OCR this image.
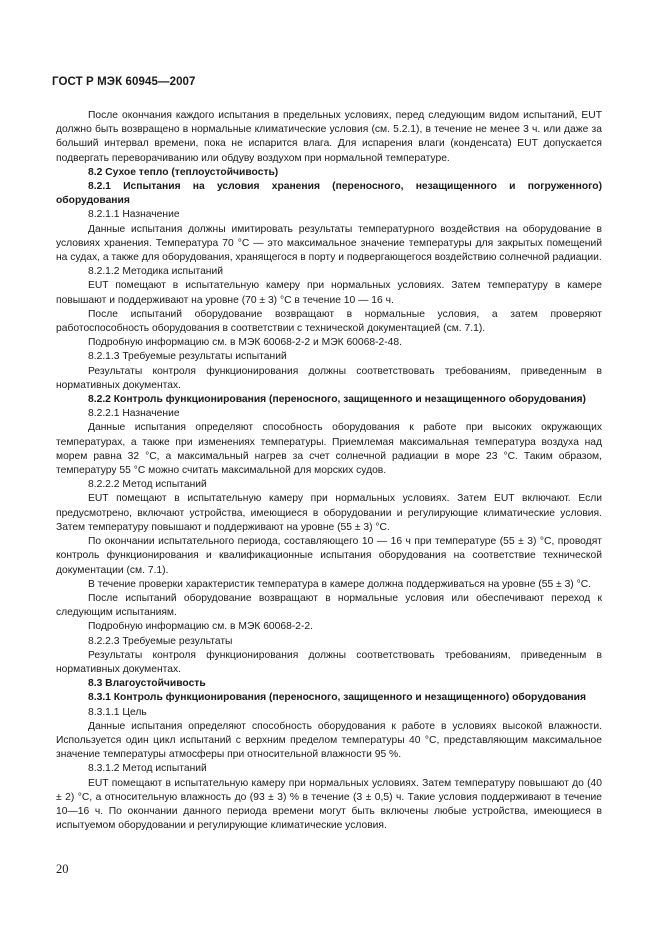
ГОСТ Р МЭК 60945—2007

После окончания каждого испытания в предельных условиях, перед следующим видом испытаний, EUT должно быть возвращено в нормальные климатические условия (см. 5.2.1), в течение не менее 3 ч. или даже за больший интервал времени, пока не испарится влага. Для испарения влаги (конденсата) EUT допускается подвергать переворачиванию или обдуву воздухом при нормальной температуре.

8.2 Сухое тепло (теплоустойчивость)

8.2.1 Испытания на условия хранения (переносного, незащищенного и погруженного) оборудования

8.2.1.1 Назначение

Данные испытания должны имитировать результаты температурного воздействия на оборудование в условиях хранения. Температура 70 °С — это максимальное значение температуры для закрытых помещений на судах, а также для оборудования, хранящегося в порту и подвергающегося воздействию солнечной радиации.

8.2.1.2 Методика испытаний

EUT помещают в испытательную камеру при нормальных условиях. Затем температуру в камере повышают и поддерживают на уровне (70 ± 3) °С в течение 10 — 16 ч.

После испытаний оборудование возвращают в нормальные условия, а затем проверяют работоспособность оборудования в соответствии с технической документацией (см. 7.1).

Подробную информацию см. в МЭК 60068-2-2 и МЭК 60068-2-48.

8.2.1.3 Требуемые результаты испытаний

Результаты контроля функционирования должны соответствовать требованиям, приведенным в нормативных документах.

8.2.2 Контроль функционирования (переносного, защищенного и незащищенного оборудования)

8.2.2.1 Назначение

Данные испытания определяют способность оборудования к работе при высоких окружающих температурах, а также при изменениях температуры. Приемлемая максимальная температура воздуха над морем равна 32 °С, а максимальный нагрев за счет солнечной радиации в море 23 °С. Таким образом, температуру 55 °С можно считать максимальной для морских судов.

8.2.2.2 Метод испытаний

EUT помещают в испытательную камеру при нормальных условиях. Затем EUT включают. Если предусмотрено, включают устройства, имеющиеся в оборудовании и регулирующие климатические условия. Затем температуру повышают и поддерживают на уровне (55 ± 3) °С.

По окончании испытательного периода, составляющего 10 — 16 ч при температуре (55 ± 3) °С, проводят контроль функционирования и квалификационные испытания оборудования на соответствие технической документации (см. 7.1).

В течение проверки характеристик температура в камере должна поддерживаться на уровне (55 ± 3) °С.

После испытаний оборудование возвращают в нормальные условия или обеспечивают переход к следующим испытаниям.

Подробную информацию см. в МЭК 60068-2-2.

8.2.2.3 Требуемые результаты

Результаты контроля функционирования должны соответствовать требованиям, приведенным в нормативных документах.

8.3 Влагоустойчивость

8.3.1 Контроль функционирования (переносного, защищенного и незащищенного) оборудования

8.3.1.1 Цель

Данные испытания определяют способность оборудования к работе в условиях высокой влажности. Используется один цикл испытаний с верхним пределом температуры 40 °С, представляющим максимальное значение температуры атмосферы при относительной влажности 95 %.

8.3.1.2 Метод испытаний

EUT помещают в испытательную камеру при нормальных условиях. Затем температуру повышают до (40 ± 2) °С, а относительную влажность до (93 ± 3) % в течение (3 ± 0,5) ч. Такие условия поддерживают в течение 10—16 ч. По окончании данного периода времени могут быть включены любые устройства, имеющиеся в испытуемом оборудовании и регулирующие климатические условия.

20
